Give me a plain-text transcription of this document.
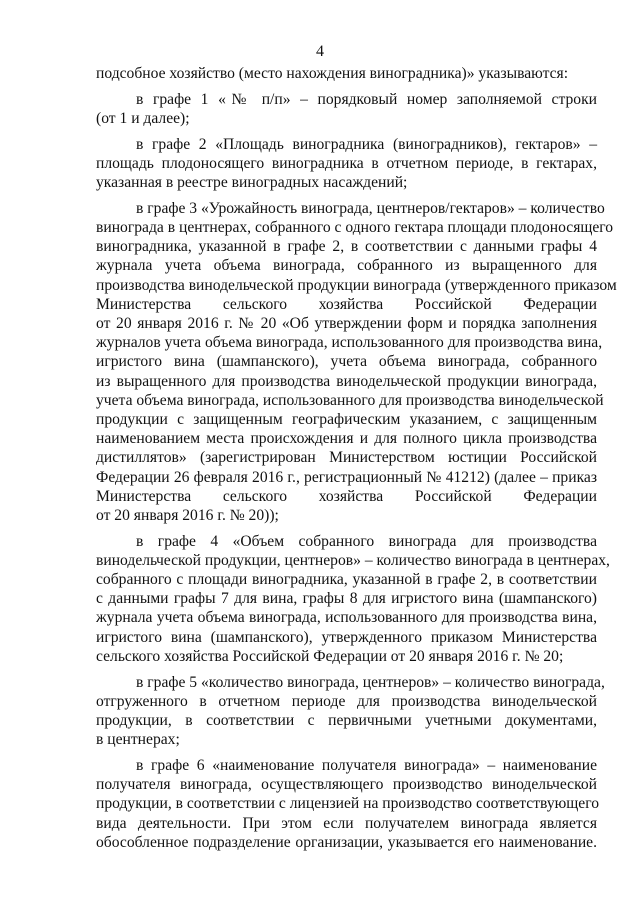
4
подсобное хозяйство (место нахождения виноградника)» указываются:
в графе 1 «№ п/п» – порядковый номер заполняемой строки
(от 1 и далее);
в графе 2 «Площадь виноградника (виноградников), гектаров» –
площадь плодоносящего виноградника в отчетном периоде, в гектарах,
указанная в реестре виноградных насаждений;
в графе 3 «Урожайность винограда, центнеров/гектаров» – количество
винограда в центнерах, собранного с одного гектара площади плодоносящего
виноградника, указанной в графе 2, в соответствии с данными графы 4
журнала учета объема винограда, собранного из выращенного для
производства винодельческой продукции винограда (утвержденного приказом
Министерства сельского хозяйства Российской Федерации
от 20 января 2016 г. № 20 «Об утверждении форм и порядка заполнения
журналов учета объема винограда, использованного для производства вина,
игристого вина (шампанского), учета объема винограда, собранного
из выращенного для производства винодельческой продукции винограда,
учета объема винограда, использованного для производства винодельческой
продукции с защищенным географическим указанием, с защищенным
наименованием места происхождения и для полного цикла производства
дистиллятов» (зарегистрирован Министерством юстиции Российской
Федерации 26 февраля 2016 г., регистрационный № 41212) (далее – приказ
Министерства сельского хозяйства Российской Федерации
от 20 января 2016 г. № 20));
в графе 4 «Объем собранного винограда для производства
винодельческой продукции, центнеров» – количество винограда в центнерах,
собранного с площади виноградника, указанной в графе 2, в соответствии
с данными графы 7 для вина, графы 8 для игристого вина (шампанского)
журнала учета объема винограда, использованного для производства вина,
игристого вина (шампанского), утвержденного приказом Министерства
сельского хозяйства Российской Федерации от 20 января 2016 г. № 20;
в графе 5 «количество винограда, центнеров» – количество винограда,
отгруженного в отчетном периоде для производства винодельческой
продукции, в соответствии с первичными учетными документами,
в центнерах;
в графе 6 «наименование получателя винограда» – наименование
получателя винограда, осуществляющего производство винодельческой
продукции, в соответствии с лицензией на производство соответствующего
вида деятельности. При этом если получателем винограда является
обособленное подразделение организации, указывается его наименование.
